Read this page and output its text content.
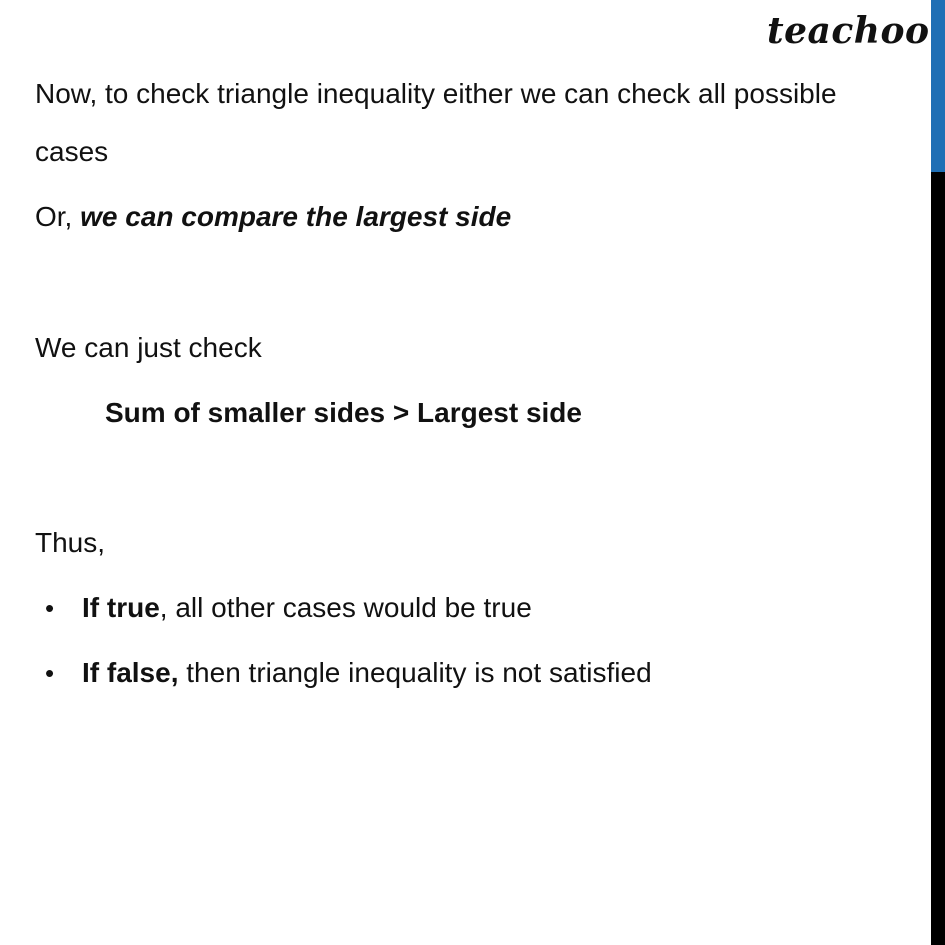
teachoo
Now, to check triangle inequality either we can check all possible
cases
Or, we can compare the largest side
We can just check
Sum of smaller sides > Largest side
Thus,
• If true, all other cases would be true
• If false, then triangle inequality is not satisfied
